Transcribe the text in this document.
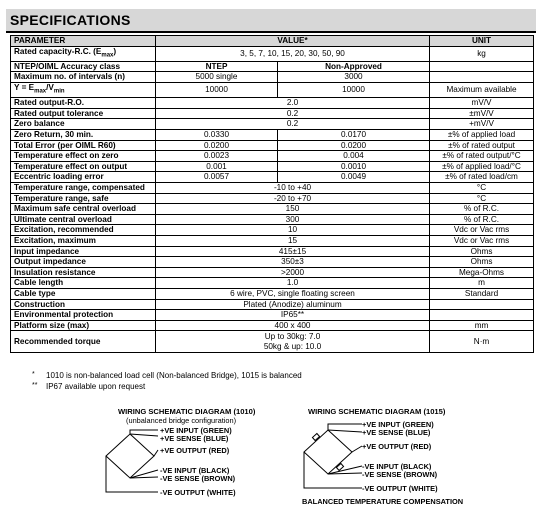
SPECIFICATIONS
PARAMETER	VALUE*		UNIT
Rated capacity-R.C. $(E_{max})$	3, 5, 7, 10, 15, 20, 30, 50, 90		kg
NTEP/OIML Accuracy class	NTEP	Non-Approved	
Maximum no. of intervals (n)	5000 single	3000	
$Y = E_{max}/V_{min}$	10000	10000	Maximum available
Rated output-R.O.	2.0		mV/V
Rated output tolerance	0.2		±mV/V
Zero balance	0.2		+mV/V
Zero Return, 30 min.	0.0330	0.0170	±% of applied load
Total Error (per OIML R60)	0.0200	0.0200	±% of rated output
Temperature effect on zero	0.0023	0.004	±% of rated output/°C
Temperature effect on output	0.001	0.0010	±% of applied load/°C
Eccentric loading error	0.0057	0.0049	±% of rated load/cm
Temperature range, compensated	-10 to +40		°C
Temperature range, safe	-20 to +70		°C
Maximum safe central overload	150		% of R.C.
Ultimate central overload	300		% of R.C.
Excitation, recommended	10		Vdc or Vac rms
Excitation, maximum	15		Vdc or Vac rms
Input impedance	415±15		Ohms
Output impedance	350±3		Ohms
Insulation resistance	>2000		Mega-Ohms
Cable length	1.0		m
Cable type	6 wire, PVC, single floating screen		Standard
Construction	Plated (Anodize) aluminum		

Environmental protection	IP65**		

Platform size (max)	400 x 400		mm
Recommended torque	Up to 30kg: 7.0
50kg & up: 10.0		N·m
* 1010 is non-balanced load cell (Non-balanced Bridge), 1015 is balanced
** IP67 available upon request
WIRING SCHEMATIC DIAGRAM (1010)
(unbalanced bridge configuration)
+VE INPUT (GREEN)
+VE SENSE (BLUE)
+VE OUTPUT (RED)
-VE INPUT (BLACK)
-VE SENSE (BROWN)
-VE OUTPUT (WHITE)
WIRING SCHEMATIC DIAGRAM (1015)
+VE INPUT (GREEN)
+VE SENSE (BLUE)
+VE OUTPUT (RED)
-VE INPUT (BLACK)
-VE SENSE (BROWN)
-VE OUTPUT (WHITE)
BALANCED TEMPERATURE COMPENSATION
